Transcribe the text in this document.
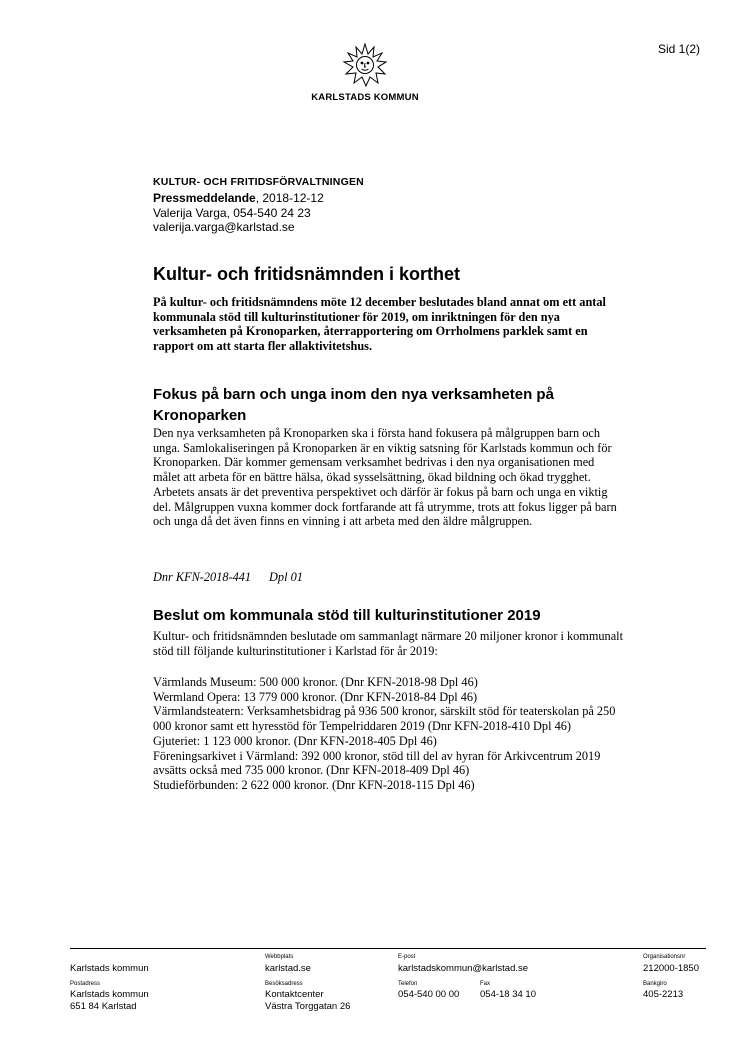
Sid 1(2)
KARLSTADS KOMMUN
KULTUR- OCH FRITIDSFÖRVALTNINGEN
Pressmeddelande, 2018-12-12
Valerija Varga, 054-540 24 23
valerija.varga@karlstad.se
Kultur- och fritidsnämnden i korthet
På kultur- och fritidsnämndens möte 12 december beslutades bland annat om ett antal kommunala stöd till kulturinstitutioner för 2019, om inriktningen för den nya verksamheten på Kronoparken, återrapportering om Orrholmens parklek samt en rapport om att starta fler allaktivitetshus.
Fokus på barn och unga inom den nya verksamheten på Kronoparken
Den nya verksamheten på Kronoparken ska i första hand fokusera på målgruppen barn och unga. Samlokaliseringen på Kronoparken är en viktig satsning för Karlstads kommun och för Kronoparken. Där kommer gemensam verksamhet bedrivas i den nya organisationen med målet att arbeta för en bättre hälsa, ökad sysselsättning, ökad bildning och ökad trygghet. Arbetets ansats är det preventiva perspektivet och därför är fokus på barn och unga en viktig del. Målgruppen vuxna kommer dock fortfarande att få utrymme, trots att fokus ligger på barn och unga då det även finns en vinning i att arbeta med den äldre målgruppen.
Dnr KFN-2018-441 Dpl 01
Beslut om kommunala stöd till kulturinstitutioner 2019
Kultur- och fritidsnämnden beslutade om sammanlagt närmare 20 miljoner kronor i kommunalt stöd till följande kulturinstitutioner i Karlstad för år 2019:
Värmlands Museum: 500 000 kronor. (Dnr KFN-2018-98 Dpl 46)
Wermland Opera: 13 779 000 kronor. (Dnr KFN-2018-84 Dpl 46)
Värmlandsteatern: Verksamhetsbidrag på 936 500 kronor, särskilt stöd för teaterskolan på 250 000 kronor samt ett hyresstöd för Tempelriddaren 2019 (Dnr KFN-2018-410 Dpl 46)
Gjuteriet: 1 123 000 kronor. (Dnr KFN-2018-405 Dpl 46)
Föreningsarkivet i Värmland: 392 000 kronor, stöd till del av hyran för Arkivcentrum 2019 avsätts också med 735 000 kronor. (Dnr KFN-2018-409 Dpl 46)
Studieförbunden: 2 622 000 kronor. (Dnr KFN-2018-115 Dpl 46)
Karlstads kommun
Webbplats
karlstad.se
E-post
karlstadskommun@karlstad.se
Organisationsnr
212000-1850
Postadress
Karlstads kommun
651 84 Karlstad
Besöksadress
Kontaktcenter
Västra Torggatan 26
Telefon
054-540 00 00
Fax
054-18 34 10
Bankgiro
405-2213
